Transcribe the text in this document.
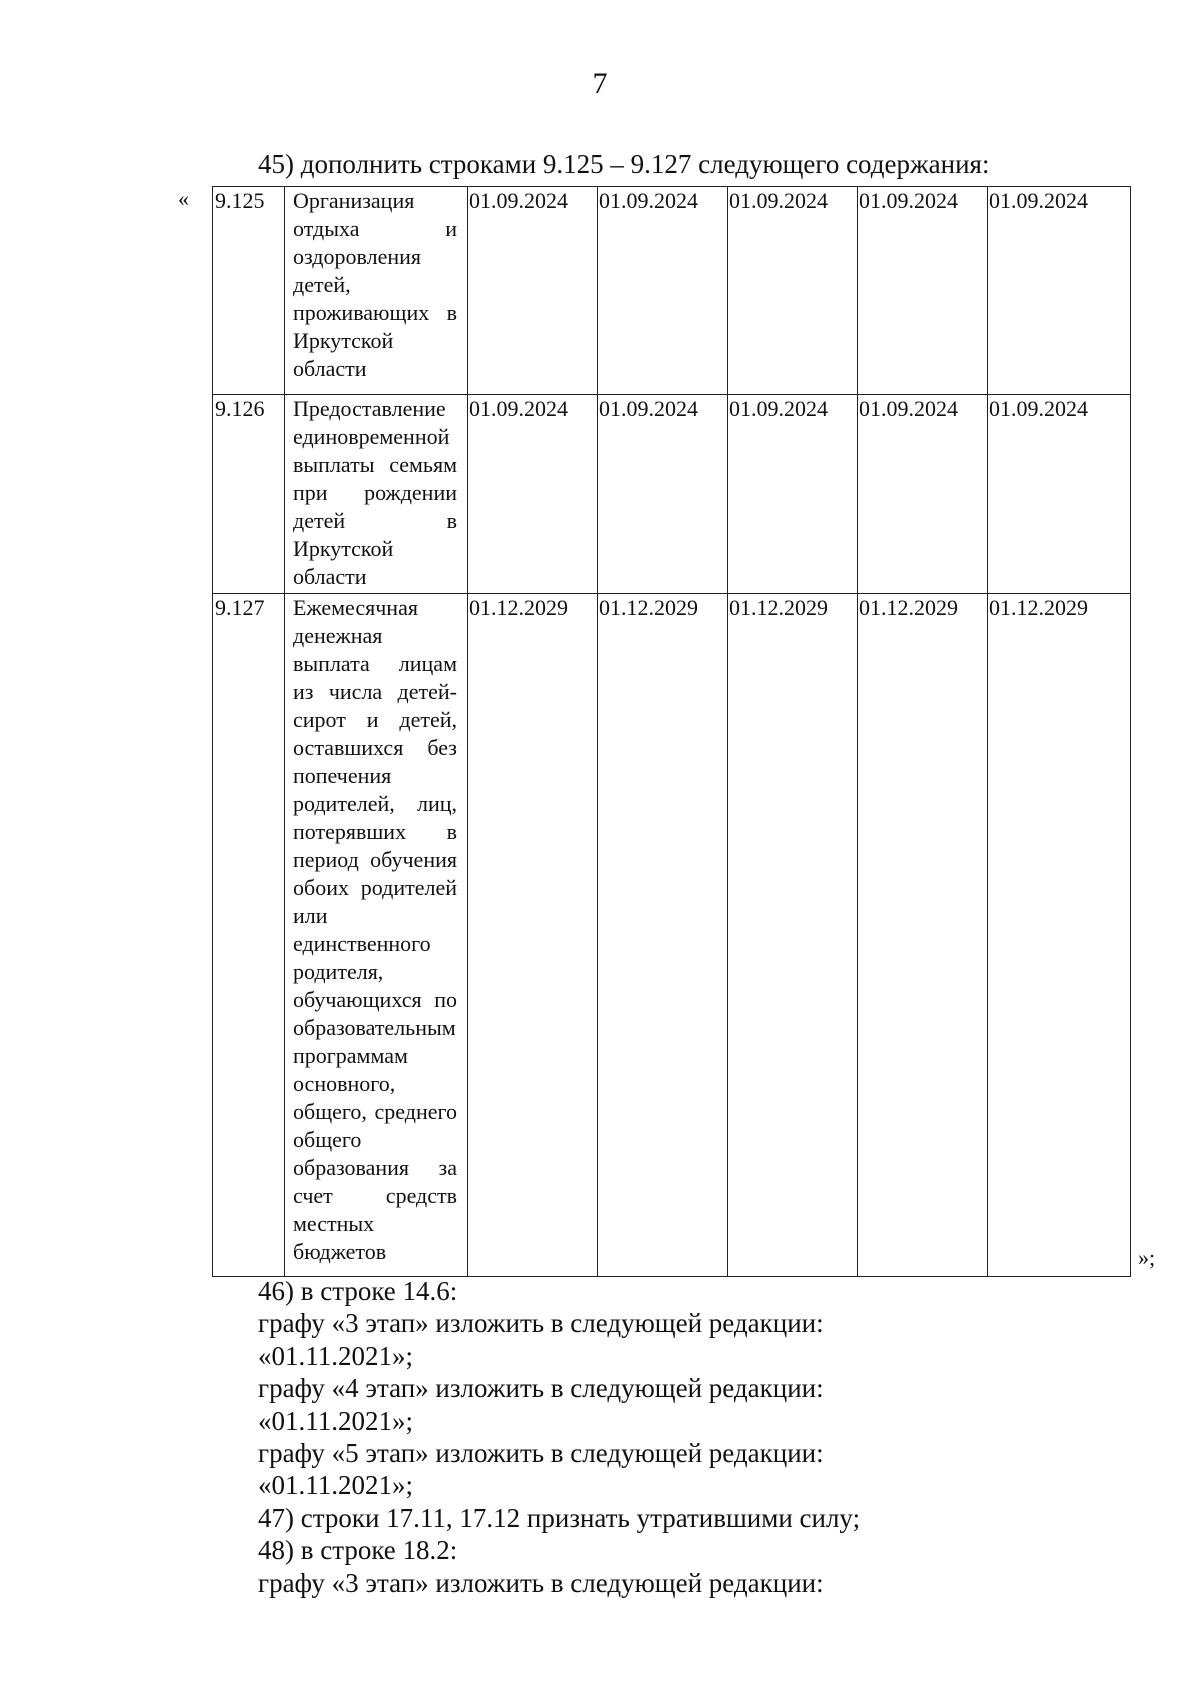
7
45) дополнить строками 9.125 – 9.127 следующего содержания:
« 9.125	Организация отдыха и оздоровления детей, проживающих в Иркутской области	01.09.2024	01.09.2024	01.09.2024	01.09.2024	01.09.2024
9.126	Предоставление единовременной выплаты семьям при рождении детей в Иркутской области	01.09.2024	01.09.2024	01.09.2024	01.09.2024	01.09.2024
9.127	Ежемесячная денежная выплата лицам из числа детей-сирот и детей, оставшихся без попечения родителей, лиц, потерявших в период обучения обоих родителей или единственного родителя, обучающихся по образовательным программам основного, общего, среднего общего образования за счет средств местных бюджетов	01.12.2029	01.12.2029	01.12.2029	01.12.2029	01.12.2029
»;
46) в строке 14.6:
графу «3 этап» изложить в следующей редакции:
«01.11.2021»;
графу «4 этап» изложить в следующей редакции:
«01.11.2021»;
графу «5 этап» изложить в следующей редакции:
«01.11.2021»;
47) строки 17.11, 17.12 признать утратившими силу;
48) в строке 18.2:
графу «3 этап» изложить в следующей редакции:
